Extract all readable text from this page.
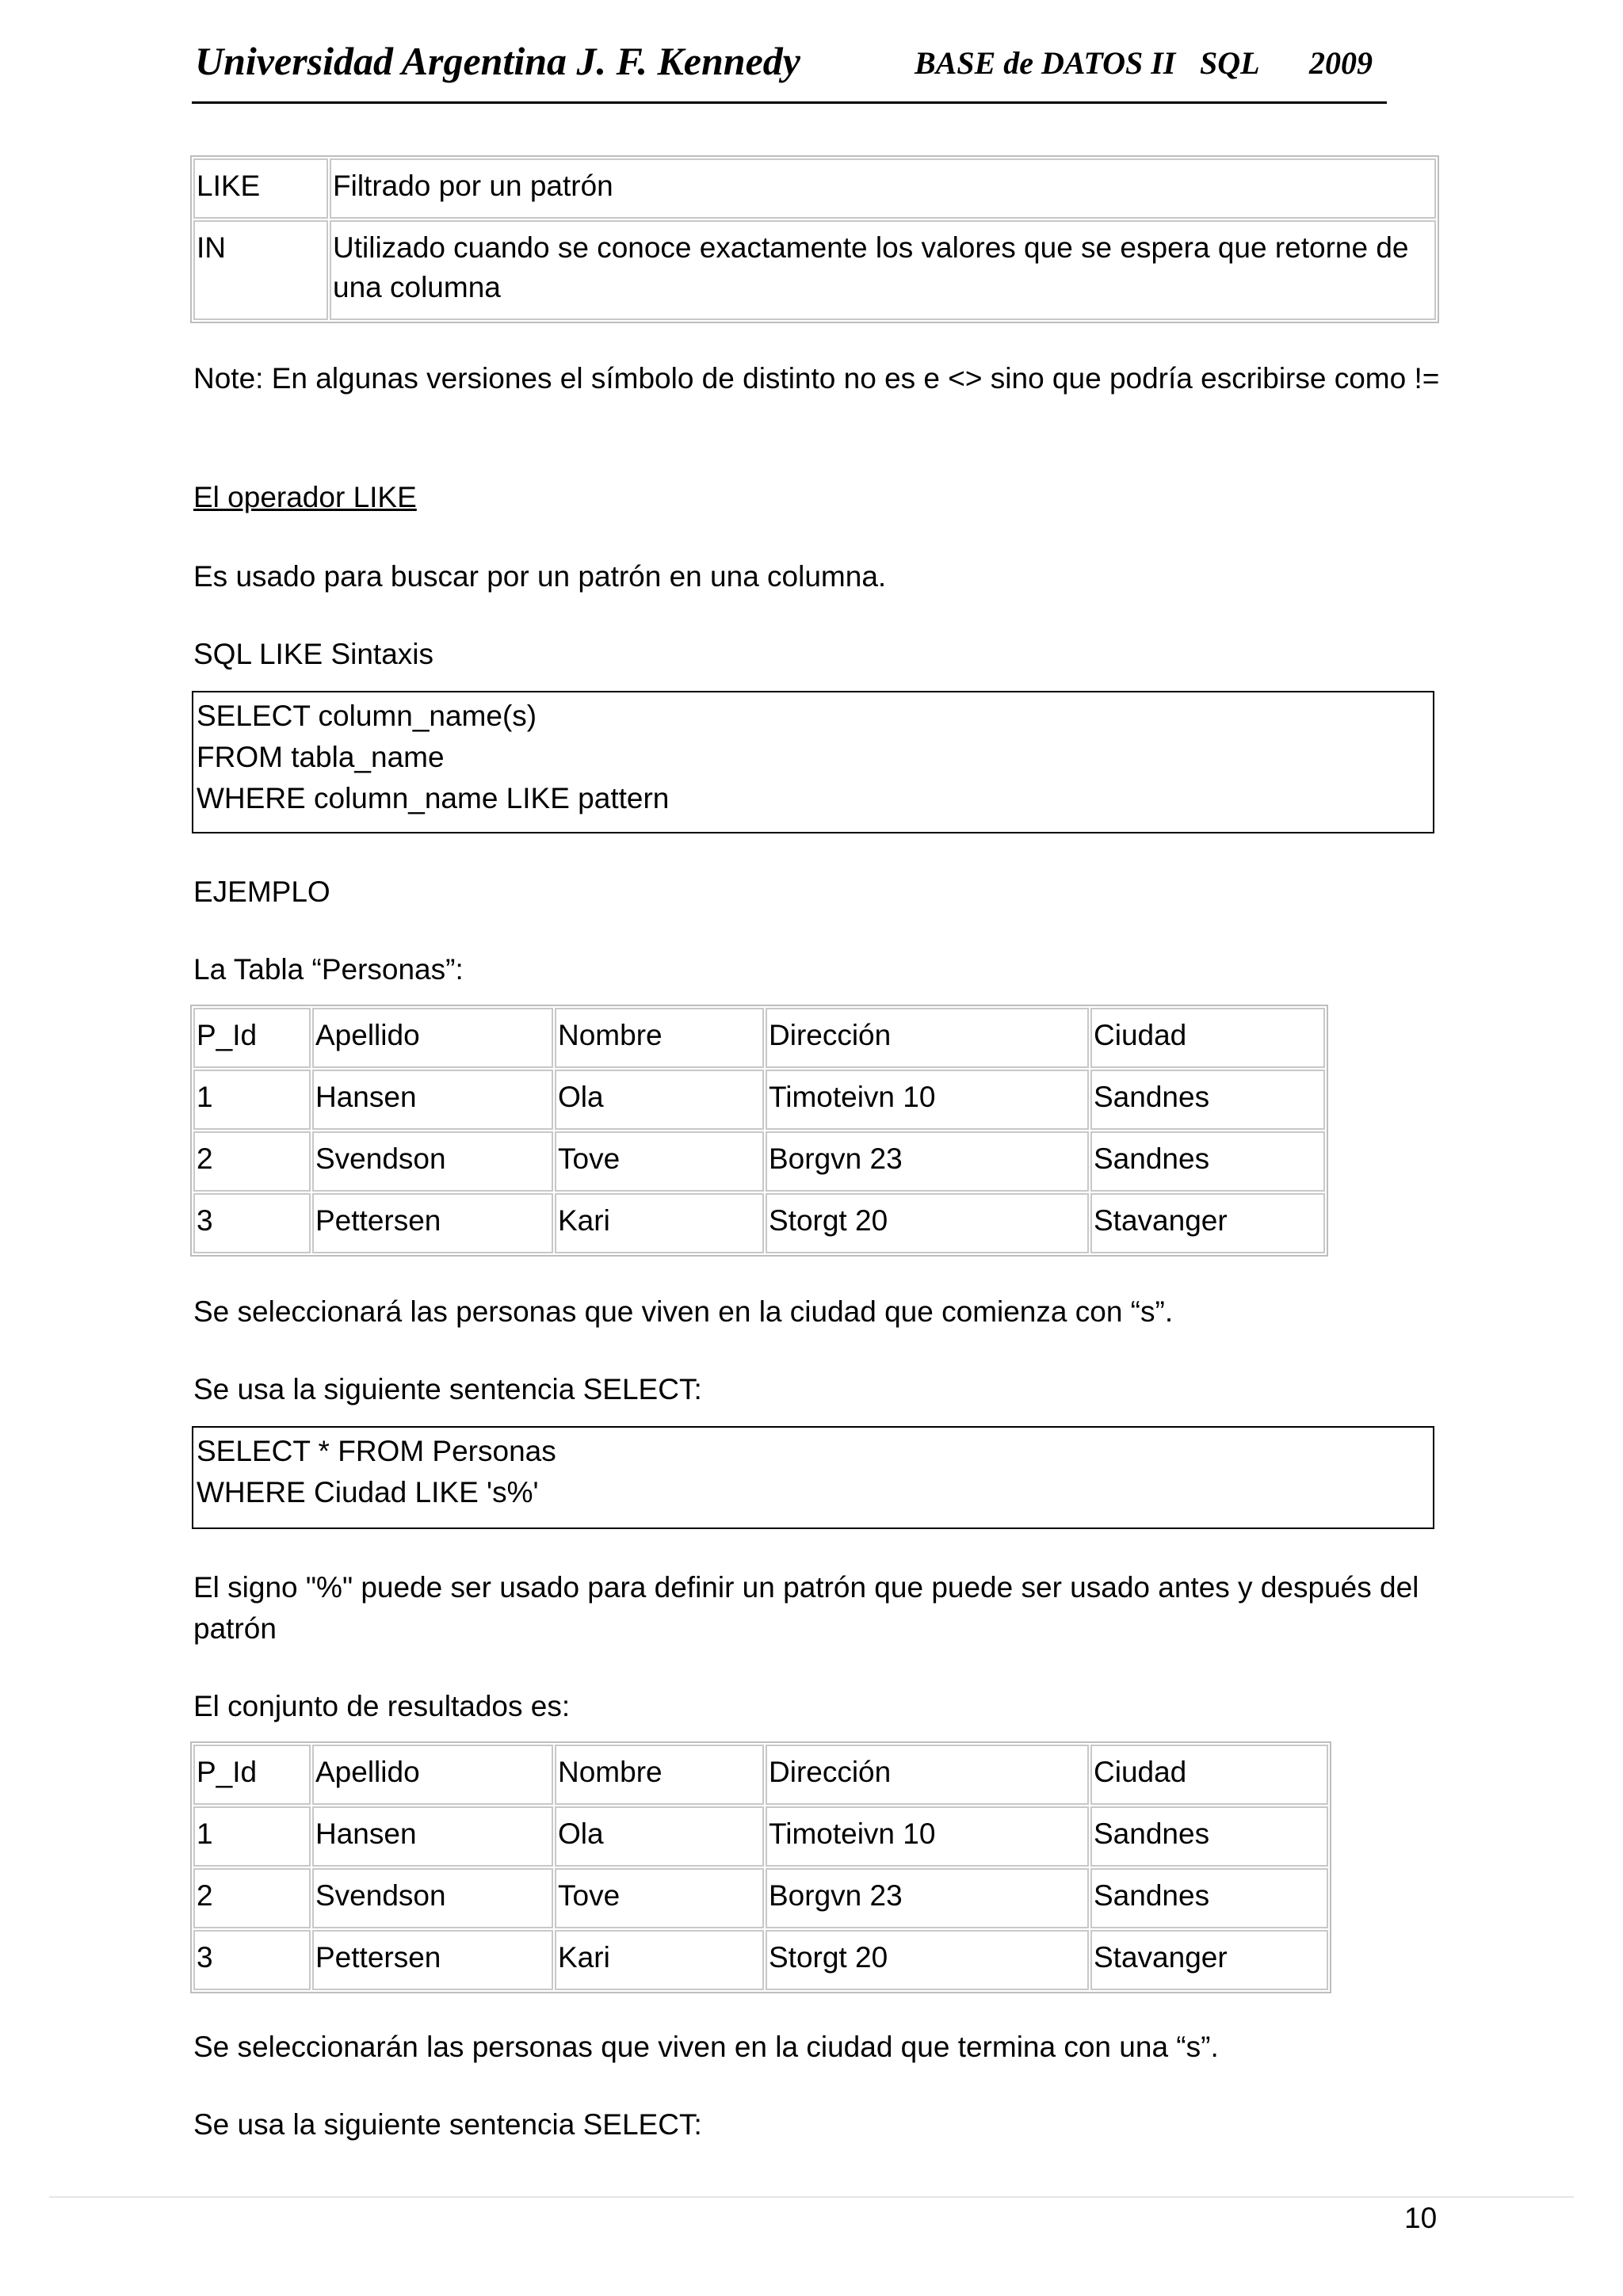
Universidad Argentina J. F. Kennedy	BASE de DATOS II SQL 2009
LIKE	Filtrado por un patrón
IN	Utilizado cuando se conoce exactamente los valores que se espera que retorne de una columna
Note: En algunas versiones el símbolo de distinto no es e <> sino que podría escribirse como !=
El operador LIKE
Es usado para buscar por un patrón en una columna.
SQL LIKE Sintaxis
SELECT column_name(s)
FROM tabla_name
WHERE column_name LIKE pattern
EJEMPLO
La Tabla “Personas”:
P_Id	Apellido	Nombre	Dirección	Ciudad
1	Hansen	Ola	Timoteivn 10	Sandnes
2	Svendson	Tove	Borgvn 23	Sandnes
3	Pettersen	Kari	Storgt 20	Stavanger
Se seleccionará las personas que viven en la ciudad que comienza con “s”.
Se usa la siguiente sentencia SELECT:
SELECT * FROM Personas
WHERE Ciudad LIKE 's%'
El signo "%" puede ser usado para definir un patrón que puede ser usado antes y después del patrón
El conjunto de resultados es:
P_Id	Apellido	Nombre	Dirección	Ciudad
1	Hansen	Ola	Timoteivn 10	Sandnes
2	Svendson	Tove	Borgvn 23	Sandnes
3	Pettersen	Kari	Storgt 20	Stavanger
Se seleccionarán las personas que viven en la ciudad que termina con una “s”.
Se usa la siguiente sentencia SELECT:
10
